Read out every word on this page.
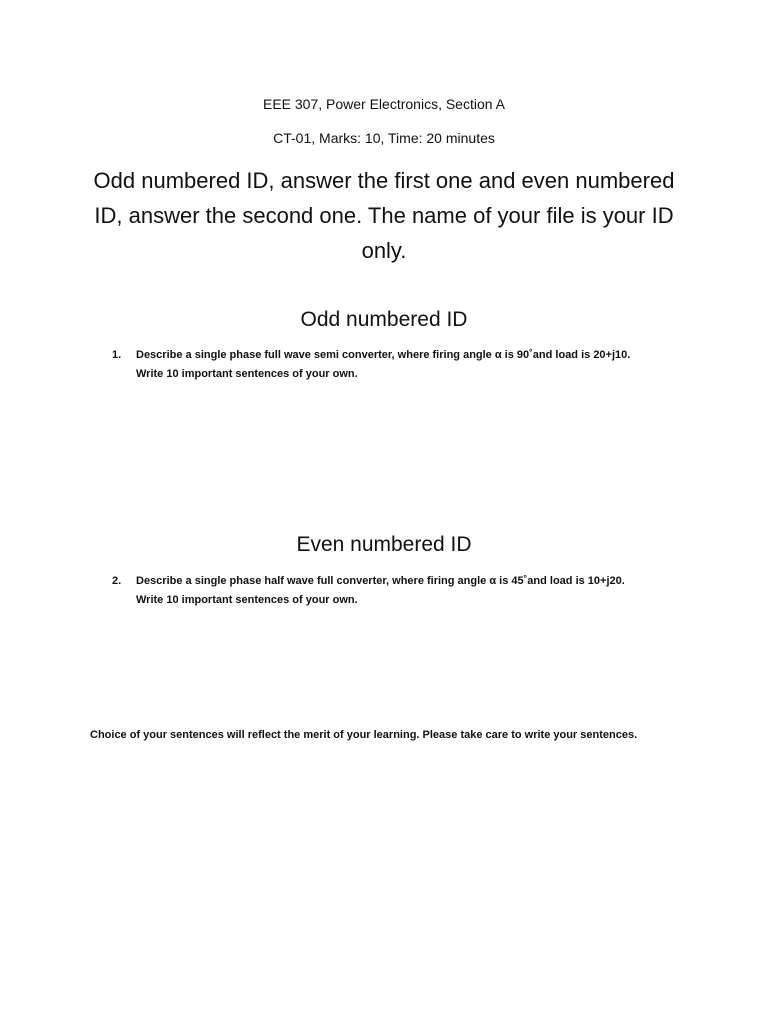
EEE 307, Power Electronics, Section A
CT-01, Marks: 10, Time: 20 minutes
Odd numbered ID, answer the first one and even numbered ID, answer the second one. The name of your file is your ID only.
Odd numbered ID
1. Describe a single phase full wave semi converter, where firing angle α is 90˚and load is 20+j10.
Write 10 important sentences of your own.
Even numbered ID
2. Describe a single phase half wave full converter, where firing angle α is 45˚and load is 10+j20.
Write 10 important sentences of your own.
Choice of your sentences will reflect the merit of your learning. Please take care to write your sentences.
